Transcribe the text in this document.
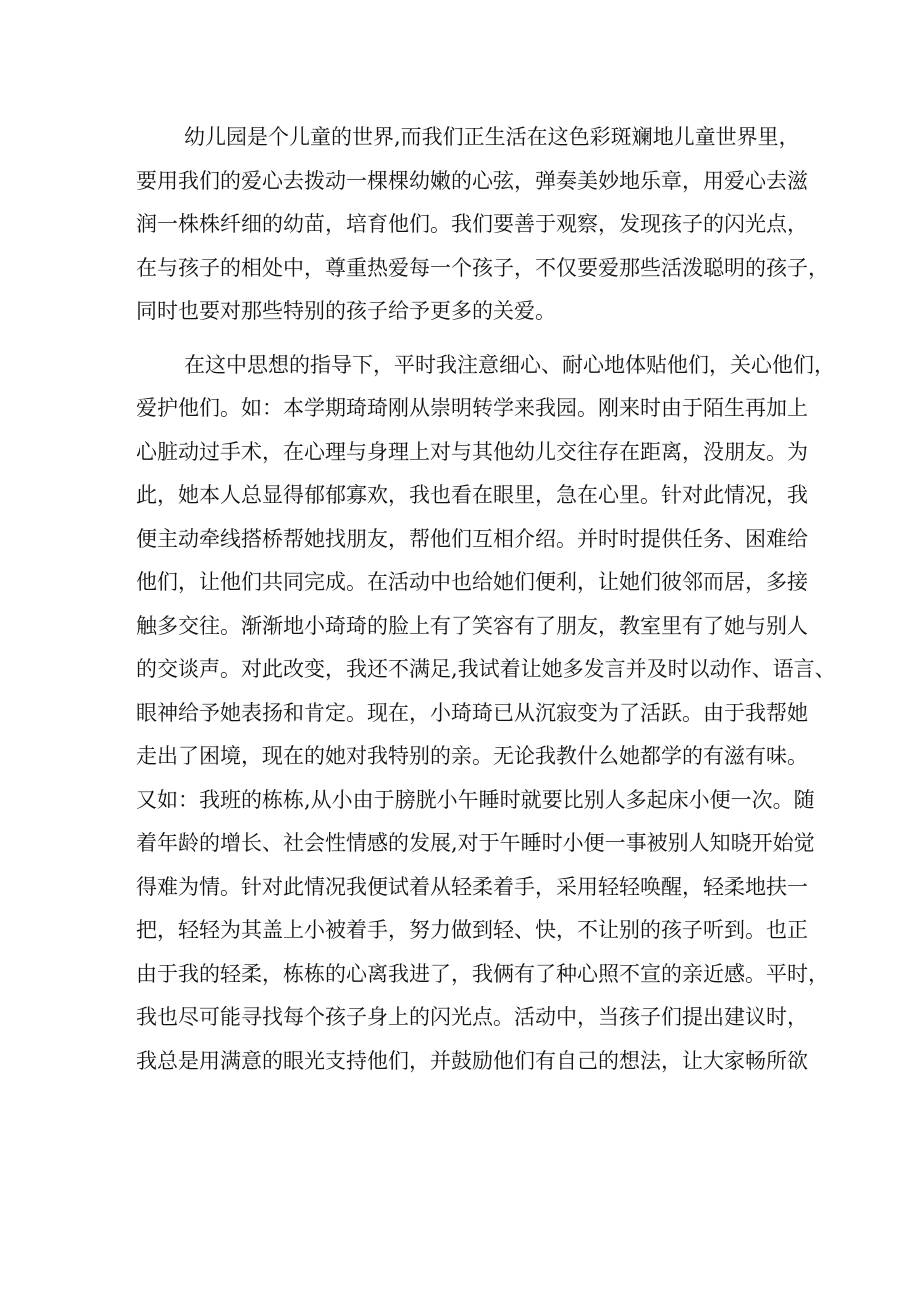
幼儿园是个儿童的世界,而我们正生活在这色彩斑斓地儿童世界里，
要用我们的爱心去拨动一棵棵幼嫩的心弦，弹奏美妙地乐章，用爱心去滋
润一株株纤细的幼苗，培育他们。我们要善于观察，发现孩子的闪光点，
在与孩子的相处中，尊重热爱每一个孩子，不仅要爱那些活泼聪明的孩子，
同时也要对那些特别的孩子给予更多的关爱。
在这中思想的指导下，平时我注意细心、耐心地体贴他们，关心他们，
爱护他们。如：本学期琦琦刚从崇明转学来我园。刚来时由于陌生再加上
心脏动过手术，在心理与身理上对与其他幼儿交往存在距离，没朋友。为
此，她本人总显得郁郁寡欢，我也看在眼里，急在心里。针对此情况，我
便主动牵线搭桥帮她找朋友，帮他们互相介绍。并时时提供任务、困难给
他们，让他们共同完成。在活动中也给她们便利，让她们彼邻而居，多接
触多交往。渐渐地小琦琦的脸上有了笑容有了朋友，教室里有了她与别人
的交谈声。对此改变，我还不满足,我试着让她多发言并及时以动作、语言、
眼神给予她表扬和肯定。现在，小琦琦已从沉寂变为了活跃。由于我帮她
走出了困境，现在的她对我特别的亲。无论我教什么她都学的有滋有味。
又如：我班的栋栋,从小由于膀胱小午睡时就要比别人多起床小便一次。随
着年龄的增长、社会性情感的发展,对于午睡时小便一事被别人知晓开始觉
得难为情。针对此情况我便试着从轻柔着手，采用轻轻唤醒，轻柔地扶一
把，轻轻为其盖上小被着手，努力做到轻、快，不让别的孩子听到。也正
由于我的轻柔，栋栋的心离我进了，我俩有了种心照不宣的亲近感。平时，
我也尽可能寻找每个孩子身上的闪光点。活动中，当孩子们提出建议时，
我总是用满意的眼光支持他们，并鼓励他们有自己的想法，让大家畅所欲
